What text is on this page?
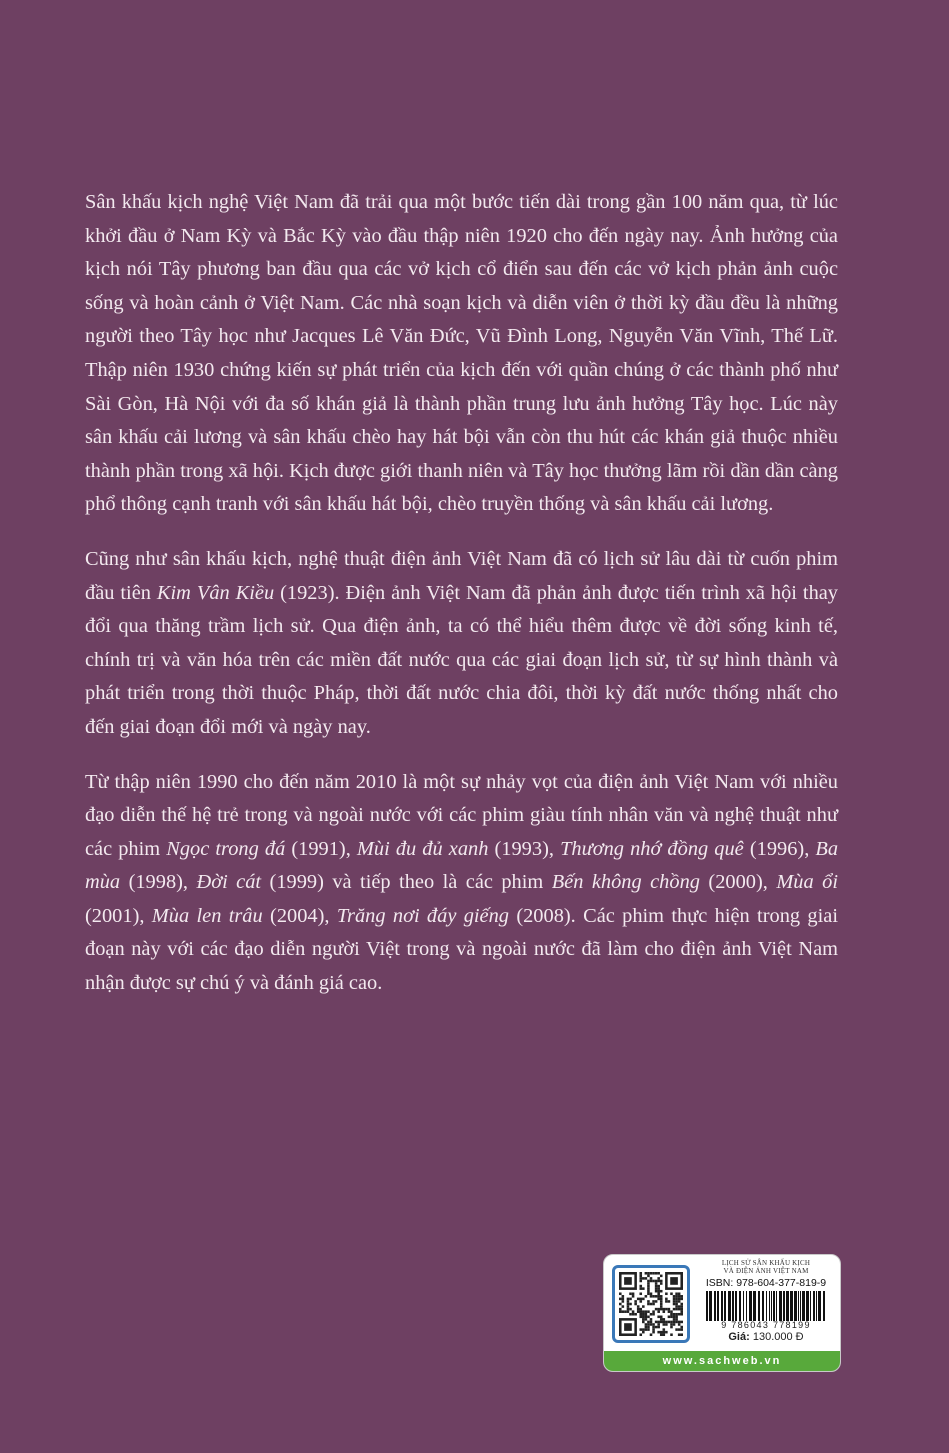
Sân khấu kịch nghệ Việt Nam đã trải qua một bước tiến dài trong gần 100 năm qua, từ lúc khởi đầu ở Nam Kỳ và Bắc Kỳ vào đầu thập niên 1920 cho đến ngày nay. Ảnh hưởng của kịch nói Tây phương ban đầu qua các vở kịch cổ điển sau đến các vở kịch phản ảnh cuộc sống và hoàn cảnh ở Việt Nam. Các nhà soạn kịch và diễn viên ở thời kỳ đầu đều là những người theo Tây học như Jacques Lê Văn Đức, Vũ Đình Long, Nguyễn Văn Vĩnh, Thế Lữ. Thập niên 1930 chứng kiến sự phát triển của kịch đến với quần chúng ở các thành phố như Sài Gòn, Hà Nội với đa số khán giả là thành phần trung lưu ảnh hưởng Tây học. Lúc này sân khấu cải lương và sân khấu chèo hay hát bội vẫn còn thu hút các khán giả thuộc nhiều thành phần trong xã hội. Kịch được giới thanh niên và Tây học thưởng lãm rồi dần dần càng phổ thông cạnh tranh với sân khấu hát bội, chèo truyền thống và sân khấu cải lương.

Cũng như sân khấu kịch, nghệ thuật điện ảnh Việt Nam đã có lịch sử lâu dài từ cuốn phim đầu tiên Kim Vân Kiều (1923). Điện ảnh Việt Nam đã phản ảnh được tiến trình xã hội thay đổi qua thăng trầm lịch sử. Qua điện ảnh, ta có thể hiểu thêm được về đời sống kinh tế, chính trị và văn hóa trên các miền đất nước qua các giai đoạn lịch sử, từ sự hình thành và phát triển trong thời thuộc Pháp, thời đất nước chia đôi, thời kỳ đất nước thống nhất cho đến giai đoạn đổi mới và ngày nay.

Từ thập niên 1990 cho đến năm 2010 là một sự nhảy vọt của điện ảnh Việt Nam với nhiều đạo diễn thế hệ trẻ trong và ngoài nước với các phim giàu tính nhân văn và nghệ thuật như các phim Ngọc trong đá (1991), Mùi đu đủ xanh (1993), Thương nhớ đồng quê (1996), Ba mùa (1998), Đời cát (1999) và tiếp theo là các phim Bến không chồng (2000), Mùa ổi (2001), Mùa len trâu (2004), Trăng nơi đáy giếng (2008). Các phim thực hiện trong giai đoạn này với các đạo diễn người Việt trong và ngoài nước đã làm cho điện ảnh Việt Nam nhận được sự chú ý và đánh giá cao.

LỊCH SỬ SÂN KHẤU KỊCH
VÀ ĐIỆN ẢNH VIỆT NAM
ISBN: 978-604-377-819-9
9 786043 778199
Giá: 130.000 Đ
www.sachweb.vn
